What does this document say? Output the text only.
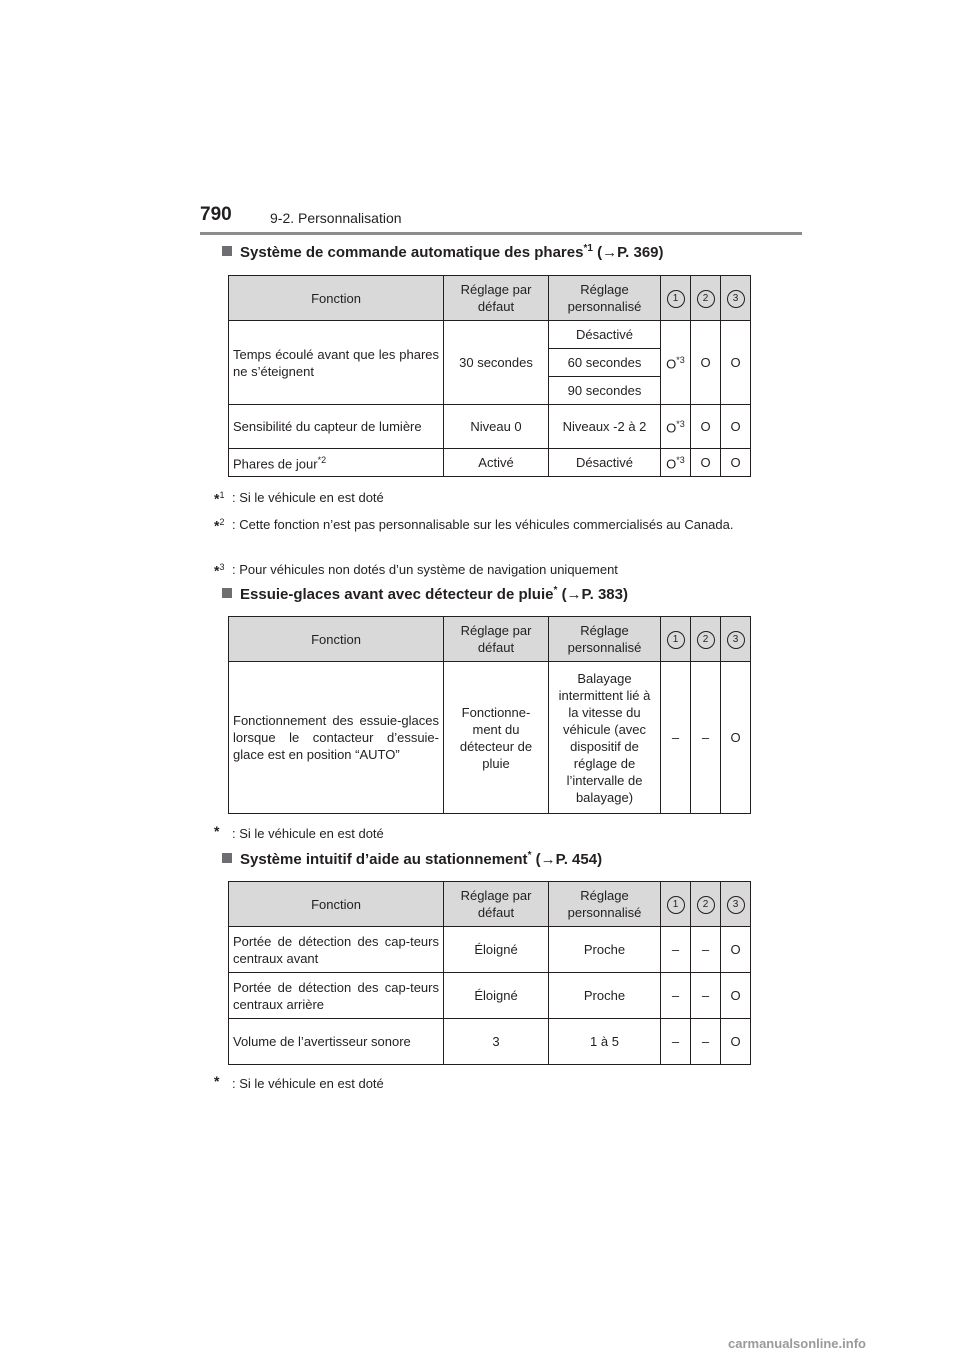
790	9-2. Personnalisation
Système de commande automatique des phares$^{*1}$ (→P. 369)
Fonction	Réglage par défaut	Réglage personnalisé	1	2	3
Temps écoulé avant que les phares ne s’éteignent	30 secondes	Désactivé	$O^{*3}$	O	O
		60 secondes			
		90 secondes			
Sensibilité du capteur de lumière	Niveau 0	Niveaux -2 à 2	$O^{*3}$	O	O
Phares de jour$^{*2}$	Activé	Désactivé	$O^{*3}$	O	O
*$^1$ : Si le véhicule en est doté
*$^2$ : Cette fonction n’est pas personnalisable sur les véhicules commercialisés au Canada.
*$^3$ : Pour véhicules non dotés d’un système de navigation uniquement
Essuie-glaces avant avec détecteur de pluie* (→P. 383)
Fonction	Réglage par défaut	Réglage personnalisé	1	2	3
Fonctionnement des essuie-glaces lorsque le contacteur d’essuie-glace est en position “AUTO”	Fonctionne-ment du détecteur de pluie	Balayage intermittent lié à la vitesse du véhicule (avec dispositif de réglage de l’intervalle de balayage)	–	–	O
* : Si le véhicule en est doté
Système intuitif d’aide au stationnement* (→P. 454)
Fonction	Réglage par défaut	Réglage personnalisé	1	2	3
Portée de détection des cap-teurs centraux avant	Éloigné	Proche	–	–	O
Portée de détection des cap-teurs centraux arrière	Éloigné	Proche	–	–	O
Volume de l’avertisseur sonore	3	1 à 5	–	–	O
* : Si le véhicule en est doté
carmanualsonline.info
